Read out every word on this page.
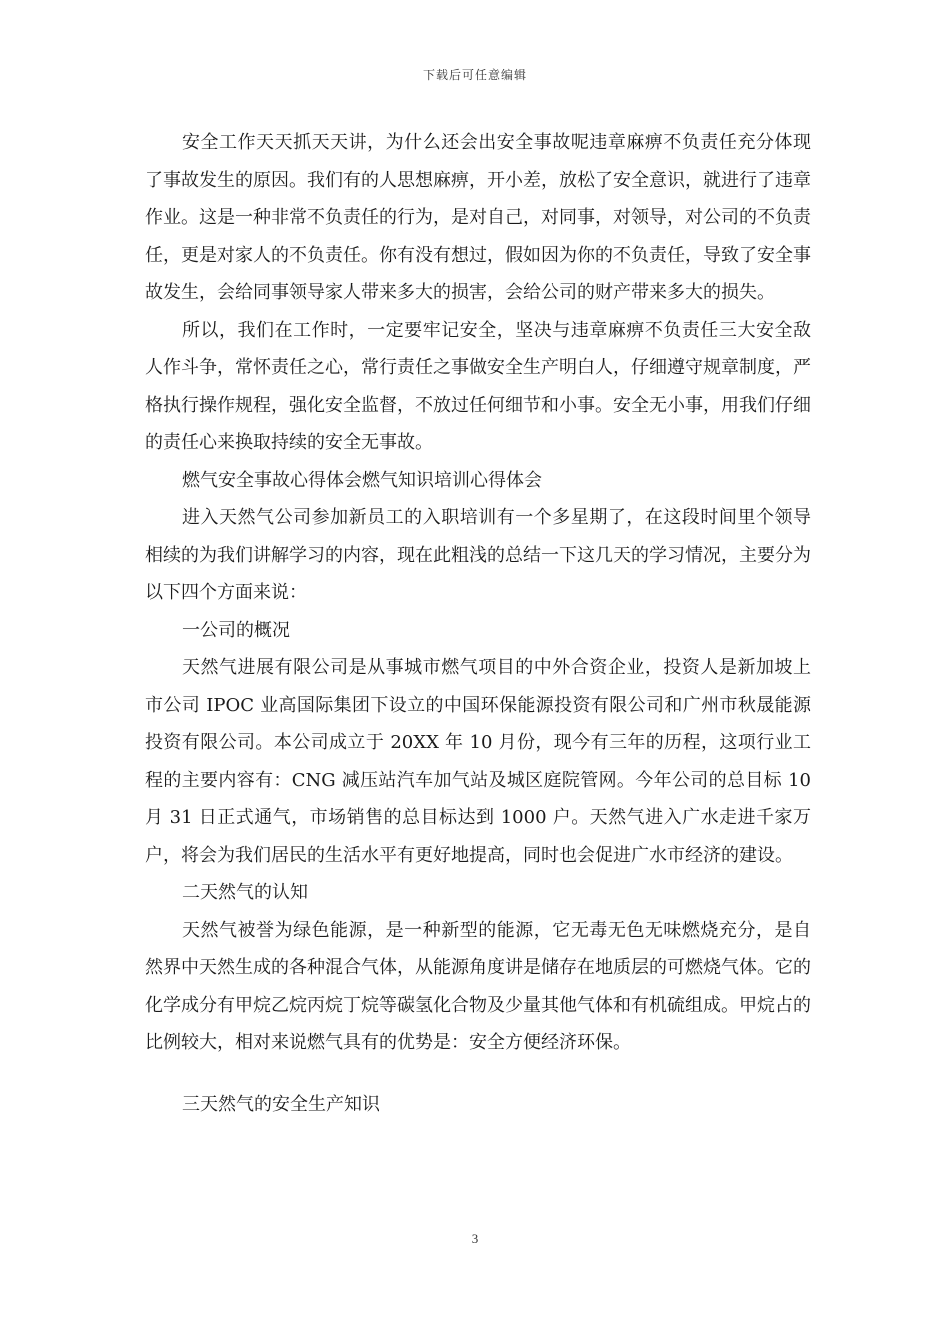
下载后可任意编辑

安全工作天天抓天天讲，为什么还会出安全事故呢违章麻痹不负责任充分体现了事故发生的原因。我们有的人思想麻痹，开小差，放松了安全意识，就进行了违章作业。这是一种非常不负责任的行为，是对自己，对同事，对领导，对公司的不负责任，更是对家人的不负责任。你有没有想过，假如因为你的不负责任，导致了安全事故发生，会给同事领导家人带来多大的损害，会给公司的财产带来多大的损失。

所以，我们在工作时，一定要牢记安全，坚决与违章麻痹不负责任三大安全敌人作斗争，常怀责任之心，常行责任之事做安全生产明白人，仔细遵守规章制度，严格执行操作规程，强化安全监督，不放过任何细节和小事。安全无小事，用我们仔细的责任心来换取持续的安全无事故。

燃气安全事故心得体会燃气知识培训心得体会

进入天然气公司参加新员工的入职培训有一个多星期了，在这段时间里个领导相续的为我们讲解学习的内容，现在此粗浅的总结一下这几天的学习情况，主要分为以下四个方面来说：

一公司的概况

天然气进展有限公司是从事城市燃气项目的中外合资企业，投资人是新加坡上市公司 IPOC 业高国际集团下设立的中国环保能源投资有限公司和广州市秋晟能源投资有限公司。本公司成立于 20XX 年 10 月份，现今有三年的历程，这项行业工程的主要内容有：CNG 减压站汽车加气站及城区庭院管网。今年公司的总目标 10 月 31 日正式通气，市场销售的总目标达到 1000 户。天然气进入广水走进千家万户，将会为我们居民的生活水平有更好地提高，同时也会促进广水市经济的建设。

二天然气的认知

天然气被誉为绿色能源，是一种新型的能源，它无毒无色无味燃烧充分，是自然界中天然生成的各种混合气体，从能源角度讲是储存在地质层的可燃烧气体。它的化学成分有甲烷乙烷丙烷丁烷等碳氢化合物及少量其他气体和有机硫组成。甲烷占的比例较大，相对来说燃气具有的优势是：安全方便经济环保。

三天然气的安全生产知识

3
